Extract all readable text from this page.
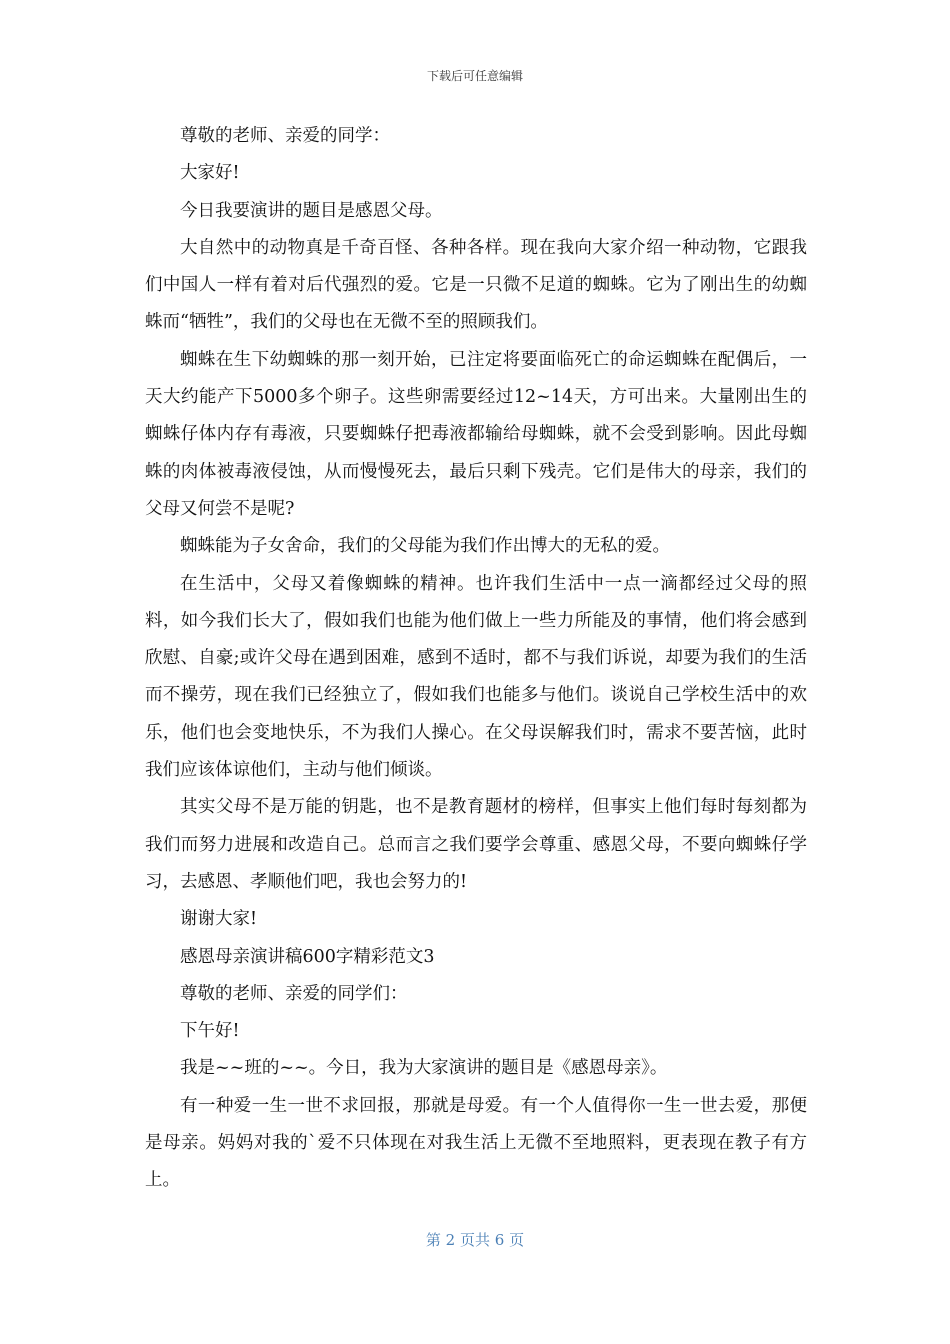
下载后可任意编辑

尊敬的老师、亲爱的同学：

大家好!

今日我要演讲的题目是感恩父母。

大自然中的动物真是千奇百怪、各种各样。现在我向大家介绍一种动物，它跟我们中国人一样有着对后代强烈的爱。它是一只微不足道的蜘蛛。它为了刚出生的幼蜘蛛而“牺牲”，我们的父母也在无微不至的照顾我们。

蜘蛛在生下幼蜘蛛的那一刻开始，已注定将要面临死亡的命运蜘蛛在配偶后，一天大约能产下5000多个卵子。这些卵需要经过12~14天，方可出来。大量刚出生的蜘蛛仔体内存有毒液，只要蜘蛛仔把毒液都输给母蜘蛛，就不会受到影响。因此母蜘蛛的肉体被毒液侵蚀，从而慢慢死去，最后只剩下残壳。它们是伟大的母亲，我们的父母又何尝不是呢?

蜘蛛能为子女舍命，我们的父母能为我们作出博大的无私的爱。

在生活中，父母又着像蜘蛛的精神。也许我们生活中一点一滴都经过父母的照料，如今我们长大了，假如我们也能为他们做上一些力所能及的事情，他们将会感到欣慰、自豪;或许父母在遇到困难，感到不适时，都不与我们诉说，却要为我们的生活而不操劳，现在我们已经独立了，假如我们也能多与他们。谈说自己学校生活中的欢乐，他们也会变地快乐，不为我们人操心。在父母误解我们时，需求不要苦恼，此时我们应该体谅他们，主动与他们倾谈。

其实父母不是万能的钥匙，也不是教育题材的榜样，但事实上他们每时每刻都为我们而努力进展和改造自己。总而言之我们要学会尊重、感恩父母，不要向蜘蛛仔学习，去感恩、孝顺他们吧，我也会努力的!

谢谢大家!

感恩母亲演讲稿600字精彩范文3

尊敬的老师、亲爱的同学们：

下午好!

我是~~班的~~。今日，我为大家演讲的题目是《感恩母亲》。

有一种爱一生一世不求回报，那就是母爱。有一个人值得你一生一世去爱，那便是母亲。妈妈对我的`爱不只体现在对我生活上无微不至地照料，更表现在教子有方上。

第 2 页共 6 页
